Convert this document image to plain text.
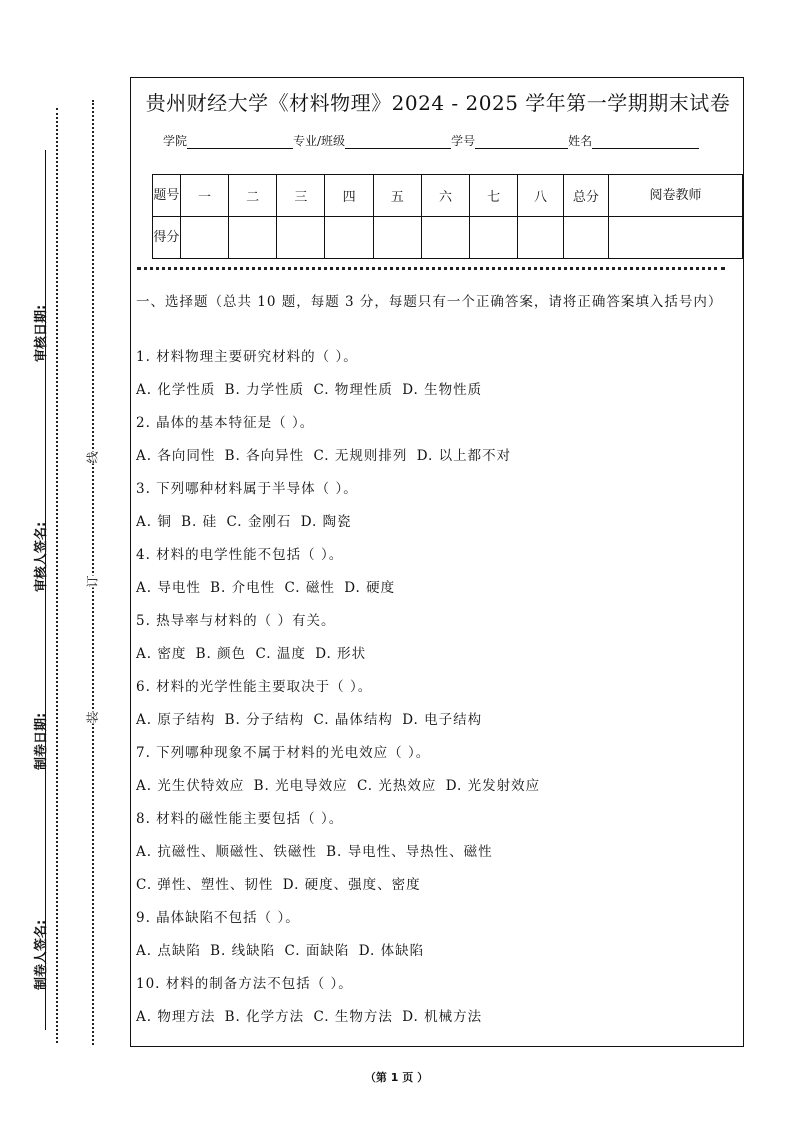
审核日期:
审核人签名:
制卷日期:
制卷人签名:
线
订
装
贵州财经大学《材料物理》2024 - 2025 学年第一学期期末试卷
学院	专业/班级	学号	姓名
题号	一	二	三	四	五	六	七	八	总分	阅卷教师
得分										
一、选择题（总共 10 题，每题 3 分，每题只有一个正确答案，请将正确答案填入括号内）
1. 材料物理主要研究材料的（ ）。
A. 化学性质 B. 力学性质 C. 物理性质 D. 生物性质
2. 晶体的基本特征是（ ）。
A. 各向同性 B. 各向异性 C. 无规则排列 D. 以上都不对
3. 下列哪种材料属于半导体（ ）。
A. 铜 B. 硅 C. 金刚石 D. 陶瓷
4. 材料的电学性能不包括（ ）。
A. 导电性 B. 介电性 C. 磁性 D. 硬度
5. 热导率与材料的（ ）有关。
A. 密度 B. 颜色 C. 温度 D. 形状
6. 材料的光学性能主要取决于（ ）。
A. 原子结构 B. 分子结构 C. 晶体结构 D. 电子结构
7. 下列哪种现象不属于材料的光电效应（ ）。
A. 光生伏特效应 B. 光电导效应 C. 光热效应 D. 光发射效应
8. 材料的磁性能主要包括（ ）。
A. 抗磁性、顺磁性、铁磁性 B. 导电性、导热性、磁性
C. 弹性、塑性、韧性 D. 硬度、强度、密度
9. 晶体缺陷不包括（ ）。
A. 点缺陷 B. 线缺陷 C. 面缺陷 D. 体缺陷
10. 材料的制备方法不包括（ ）。
A. 物理方法 B. 化学方法 C. 生物方法 D. 机械方法
（第 1 页 ）
